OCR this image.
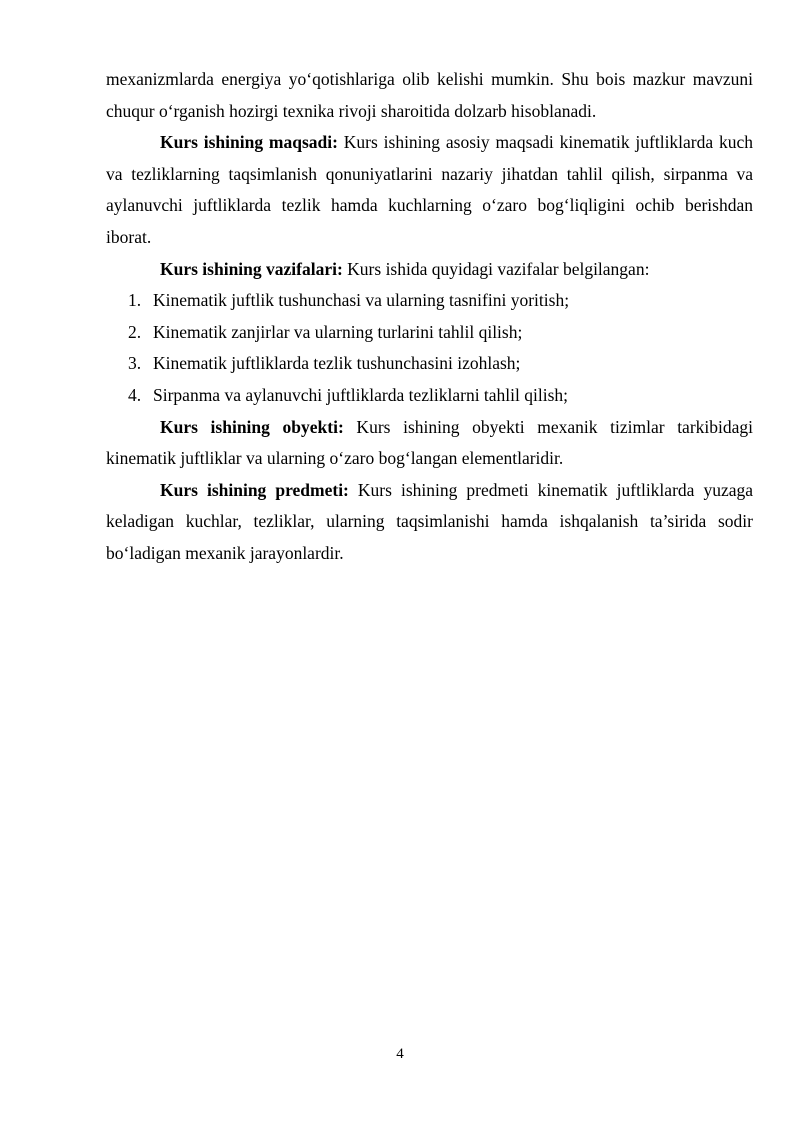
mexanizmlarda energiya yo‘qotishlariga olib kelishi mumkin. Shu bois mazkur mavzuni chuqur o‘rganish hozirgi texnika rivoji sharoitida dolzarb hisoblanadi.

Kurs ishining maqsadi: Kurs ishining asosiy maqsadi kinematik juftliklarda kuch va tezliklarning taqsimlanish qonuniyatlarini nazariy jihatdan tahlil qilish, sirpanma va aylanuvchi juftliklarda tezlik hamda kuchlarning o‘zaro bog‘liqligini ochib berishdan iborat.

Kurs ishining vazifalari: Kurs ishida quyidagi vazifalar belgilangan:

1. Kinematik juftlik tushunchasi va ularning tasnifini yoritish;
2. Kinematik zanjirlar va ularning turlarini tahlil qilish;
3. Kinematik juftliklarda tezlik tushunchasini izohlash;
4. Sirpanma va aylanuvchi juftliklarda tezliklarni tahlil qilish;

Kurs ishining obyekti: Kurs ishining obyekti mexanik tizimlar tarkibidagi kinematik juftliklar va ularning o‘zaro bog‘langan elementlaridir.

Kurs ishining predmeti: Kurs ishining predmeti kinematik juftliklarda yuzaga keladigan kuchlar, tezliklar, ularning taqsimlanishi hamda ishqalanish ta’sirida sodir bo‘ladigan mexanik jarayonlardir.

4
